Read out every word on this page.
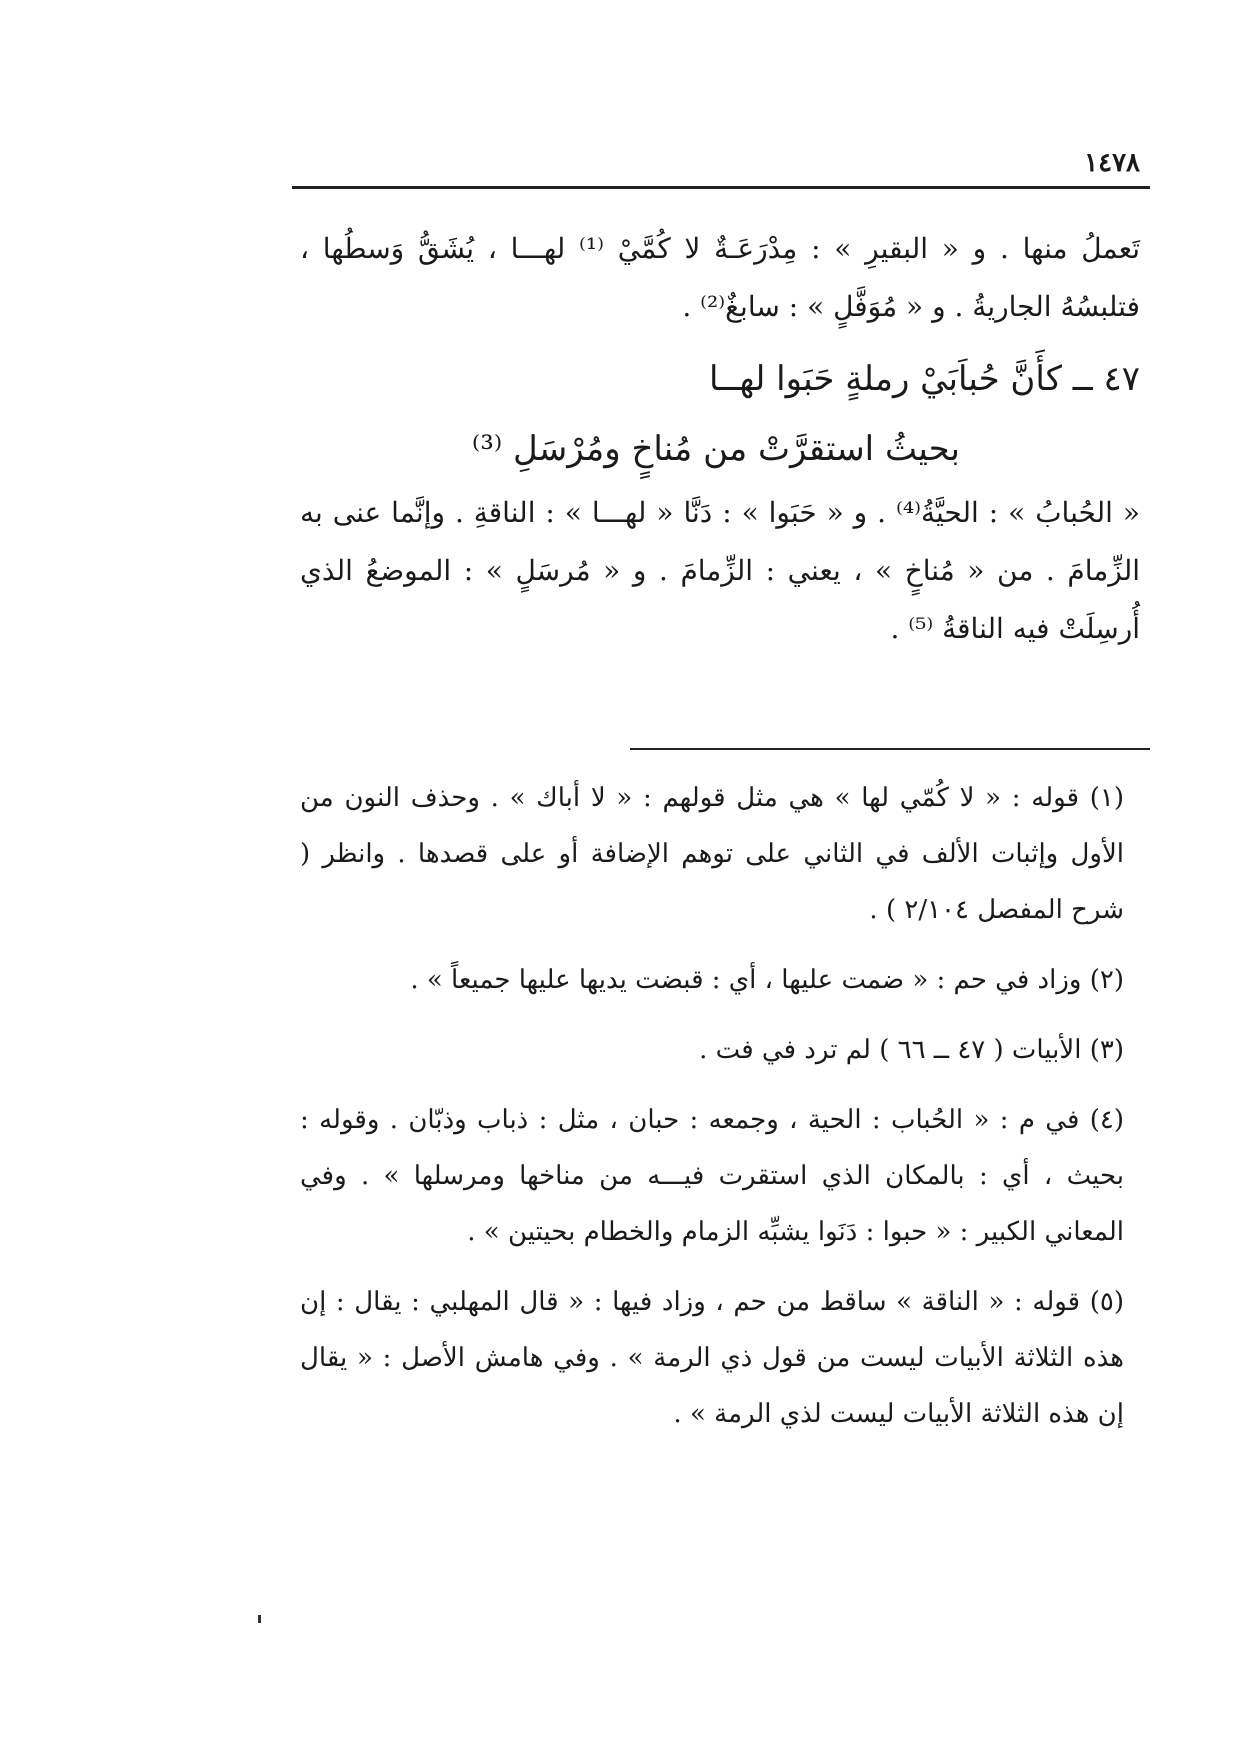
١٤٧٨

تَعملُ منها . و « البقيرِ » : مِدْرَعَـةٌ لا كُمَّيْ ⁽¹⁾ لهـــا ، يُشَقُّ وَسطُها ، فتلبسُهُ الجاريةُ . و « مُوَفَّلٍ » : سابغٌ⁽²⁾ .

٤٧ ــ كأَنَّ حُباَبَيْ رملةٍ حَبَوا لهــا

بحيثُ استقرَّتْ من مُناخٍ ومُرْسَلِ ⁽³⁾

« الحُبابُ » : الحيَّةُ⁽⁴⁾ . و « حَبَوا » : دَنَّا « لهـــا » : الناقةِ . وإنَّما عنى به الزِّمامَ . من « مُناخٍ » ، يعني : الزِّمامَ . و « مُرسَلٍ » : الموضعُ الذي أُرسِلَتْ فيه الناقةُ ⁽⁵⁾ .

(١) قوله : « لا كُمّي لها » هي مثل قولهم : « لا أباك » . وحذف النون من الأول وإثبات الألف في الثاني على توهم الإضافة أو على قصدها . وانظر ( شرح المفصل ٢/١٠٤ ) .

(٢) وزاد في حم : « ضمت عليها ، أي : قبضت يديها عليها جميعاً » .

(٣) الأبيات ( ٤٧ ــ ٦٦ ) لم ترد في فت .

(٤) في م : « الحُباب : الحية ، وجمعه : حبان ، مثل : ذباب وذبّان . وقوله : بحيث ، أي : بالمكان الذي استقرت فيـــه من مناخها ومرسلها » . وفي المعاني الكبير : « حبوا : دَنَوا يشبِّه الزمام والخطام بحيتين » .

(٥) قوله : « الناقة » ساقط من حم ، وزاد فيها : « قال المهلبي : يقال : إن هذه الثلاثة الأبيات ليست من قول ذي الرمة » . وفي هامش الأصل : « يقال إن هذه الثلاثة الأبيات ليست لذي الرمة » .
